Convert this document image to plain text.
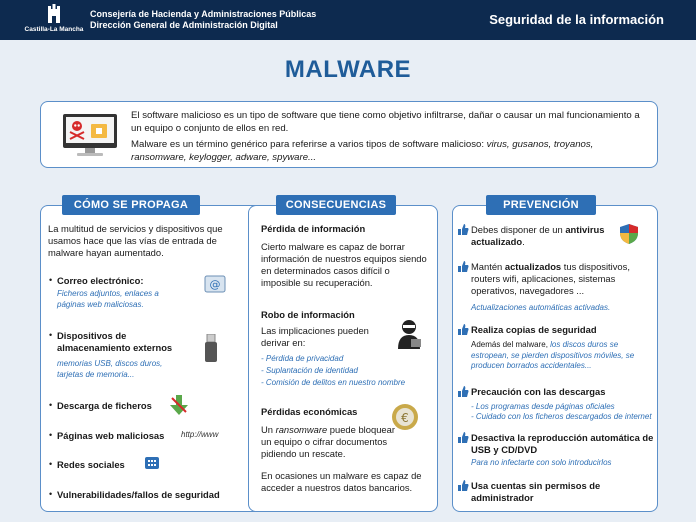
Castilla-La Mancha
Consejería de Hacienda y Administraciones Públicas
Dirección General de Administración Digital	Seguridad de la información
MALWARE

El software malicioso es un tipo de software que tiene como objetivo infiltrarse, dañar o causar un mal funcionamiento a un equipo o conjunto de ellos en red.

Malware es un término genérico para referirse a varios tipos de software malicioso: virus, gusanos, troyanos, ransomware, keylogger, adware, spyware...

La multitud de servicios y dispositivos que usamos hace que las vías de entrada de malware hayan aumentado.
• Correo electrónico:
Ficheros adjuntos, enlaces a páginas web maliciosas.
@
• Dispositivos de almacenamiento externos
memorias USB, discos duros, tarjetas de memoria...
• Descarga de ficheros
• Páginas web maliciosas http://www
• Redes sociales
• Vulnerabilidades/fallos de seguridad
CÓMO SE PROPAGA
Pérdida de información
Cierto malware es capaz de borrar información de nuestros equipos siendo en determinados casos difícil o imposible su recuperación.
Robo de información
Las implicaciones pueden derivar en:
- Pérdida de privacidad
- Suplantación de identidad
- Comisión de delitos en nuestro nombre
Pérdidas económicas
Un ransomware puede bloquear un equipo o cifrar documentos pidiendo un rescate.
En ocasiones un malware es capaz de acceder a nuestros datos bancarios.
€
CONSECUENCIAS
Debes disponer de un antivirus actualizado.
Mantén actualizados tus dispositivos, routers wifi, aplicaciones, sistemas operativos, navegadores ...
Actualizaciones automáticas activadas.
Realiza copias de seguridad
Además del malware, los discos duros se estropean, se pierden dispositivos móviles, se producen borrados accidentales...
Precaución con las descargas
- Los programas desde páginas oficiales
- Cuidado con los ficheros descargados de internet
Desactiva la reproducción automática de USB y CD/DVD
Para no infectarte con solo introducirlos
Usa cuentas sin permisos de administrador
PREVENCIÓN
